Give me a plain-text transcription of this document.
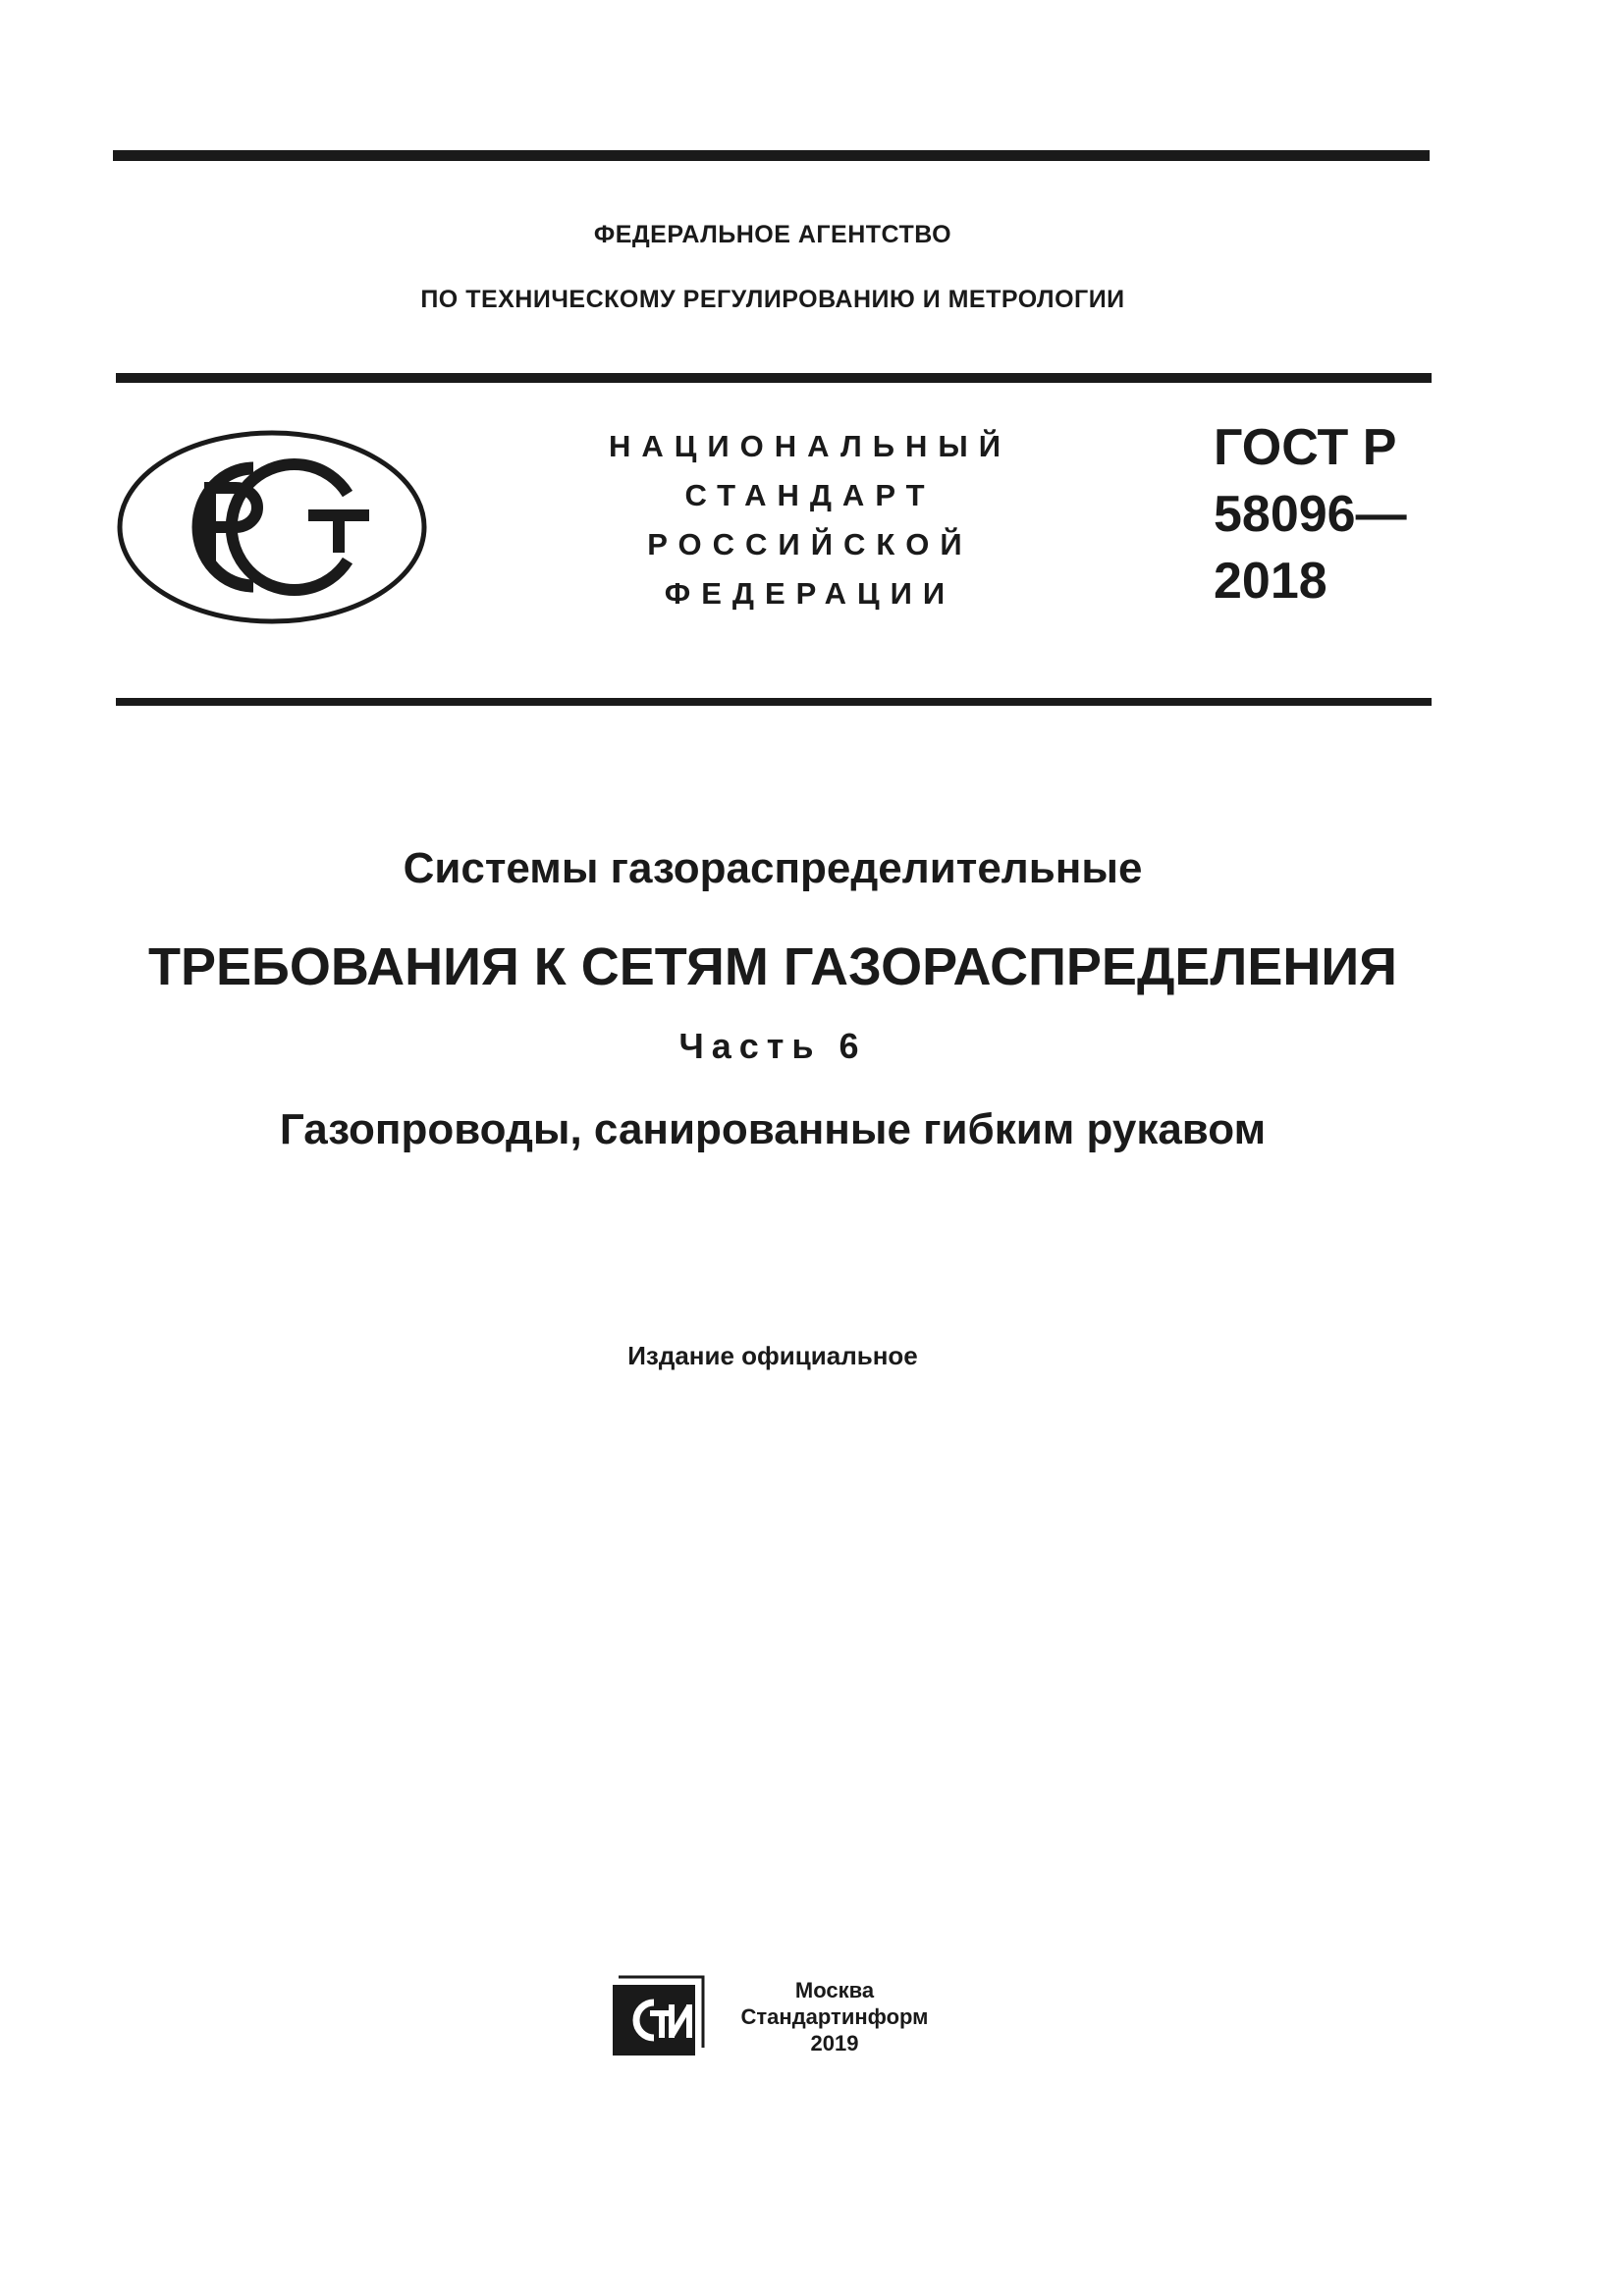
ФЕДЕРАЛЬНОЕ АГЕНТСТВО
ПО ТЕХНИЧЕСКОМУ РЕГУЛИРОВАНИЮ И МЕТРОЛОГИИ
НАЦИОНАЛЬНЫЙ
СТАНДАРТ
РОССИЙСКОЙ
ФЕДЕРАЦИИ
ГОСТ Р
58096—
2018
Системы газораспределительные
ТРЕБОВАНИЯ К СЕТЯМ ГАЗОРАСПРЕДЕЛЕНИЯ
Часть 6
Газопроводы, санированные гибким рукавом
Издание официальное
Москва
Стандартинформ
2019
